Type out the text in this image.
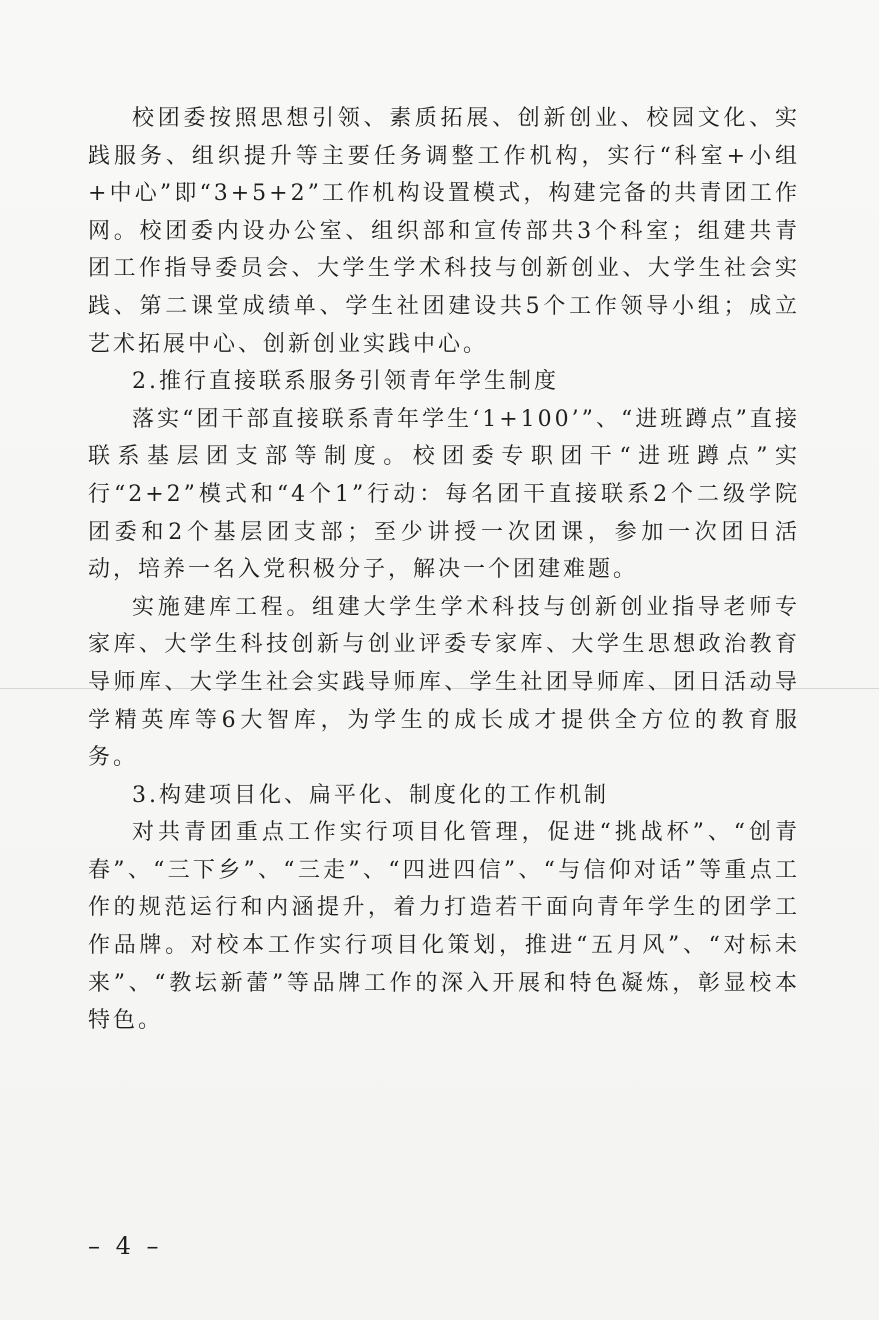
校团委按照思想引领、素质拓展、创新创业、校园文化、实践服务、组织提升等主要任务调整工作机构，实行“科室+小组+中心”即“3+5+2”工作机构设置模式，构建完备的共青团工作网。校团委内设办公室、组织部和宣传部共3个科室；组建共青团工作指导委员会、大学生学术科技与创新创业、大学生社会实践、第二课堂成绩单、学生社团建设共5个工作领导小组；成立艺术拓展中心、创新创业实践中心。

2.推行直接联系服务引领青年学生制度

落实“团干部直接联系青年学生‘1+100’”、“进班蹲点”直接联系基层团支部等制度。校团委专职团干“进班蹲点”实行“2+2”模式和“4个1”行动：每名团干直接联系2个二级学院团委和2个基层团支部；至少讲授一次团课，参加一次团日活动，培养一名入党积极分子，解决一个团建难题。

实施建库工程。组建大学生学术科技与创新创业指导老师专家库、大学生科技创新与创业评委专家库、大学生思想政治教育导师库、大学生社会实践导师库、学生社团导师库、团日活动导学精英库等6大智库，为学生的成长成才提供全方位的教育服务。

3.构建项目化、扁平化、制度化的工作机制

对共青团重点工作实行项目化管理，促进“挑战杯”、“创青春”、“三下乡”、“三走”、“四进四信”、“与信仰对话”等重点工作的规范运行和内涵提升，着力打造若干面向青年学生的团学工作品牌。对校本工作实行项目化策划，推进“五月风”、“对标未来”、“教坛新蕾”等品牌工作的深入开展和特色凝炼，彰显校本特色。

– 4 –
